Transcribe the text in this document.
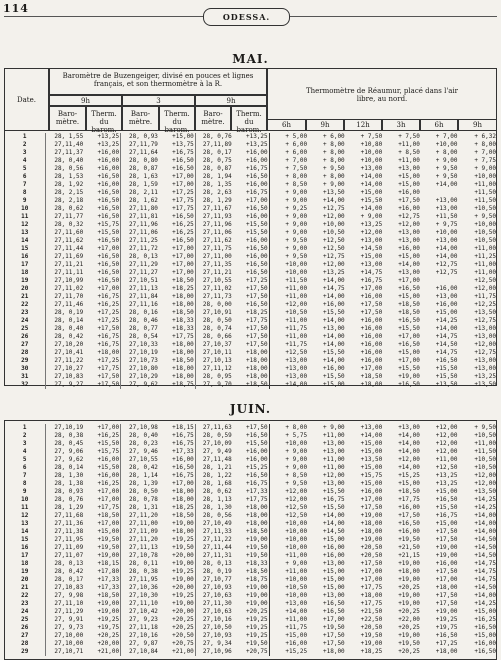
114
ODESSA.
MAI.
Date.
Baromètre de Buzengeiger, divisé en pouces et lignes français, et son thermomètre à la R.
Thermomètre de Réaumur, placé dans l'air libre, au nord.
9h	3	9h
Baro-mètre.
Therm. du barom.
Baro-mètre.
Therm. du barom.
Baro-mètre.
Therm. du barom.
6h	9h	12h	3h	6h	9h
1	28, 1,55	+13,25	28, 0,93	+15,00	28, 0,76	+13,25	+ 5,00	+ 6,00	+ 7,50	+ 7,50	+ 7,00	+ 6,32
2	27,11,40	+13,25	27,11,79	+13,75	27,11,89	+13,25	+ 6,00	+ 8,00	+10,80	+11,00	+10,00	+ 8,00
3	27,11,37	+16,00	27,11,64	+16,75	28, 0,17	+16,00	+ 6,00	+ 8,00	+10,00	+ 8,50	+ 8,00	+ 7,00
4	28, 0,40	+16,00	28, 0,80	+16,50	28, 0,75	+16,00	+ 7,00	+ 8,00	+10,00	+11,00	+ 9,00	+ 7,75
5	28, 0,56	+16,00	28, 0,87	+16,50	28, 0,87	+16,75	+ 7,50	+ 9,50	+13,00	+13,00	+ 9,50	+ 9,00
6	28, 1,53	+16,50	28, 1,63	+17,00	28, 1,94	+16,50	+ 8,00	+ 8,00	+14,00	+15,00	+ 9,50	+10,00
7	28, 1,92	+16,00	28, 1,59	+17,00	28, 1,35	+16,00	+ 8,50	+ 9,00	+14,00	+15,00	+14,00	+11,00
8	28, 2,15	+16,50	28, 2,11	+17,25	28, 2,63	+16,75	+ 9,00	+13,50	+15,00	+16,00		+11,50
9	28, 2,18	+16,50	28, 1,62	+17,75	28, 1,29	+17,00	+ 9,00	+14,00	+15,50	+17,50	+13,00	+11,50
10	28, 0,62	+16,50	27,11,80	+17,75	27,11,67	+16,50	+ 9,25	+12,75	+14,00	+16,00	+13,00	+10,50
11	27,11,77	+16,50	27,11,81	+16,50	27,11,93	+16,00	+ 9,00	+12,00	+ 9,00	+12,75	+11,50	+ 9,50
12	28, 0,32	+15,75	27,11,96	+16,25	27,11,96	+15,50	+ 9,00	+10,00	+13,25	+12,00	+ 9,75	+10,00
13	27,11,60	+15,50	27,11,06	+16,25	27,11,06	+15,50	+ 9,00	+10,50	+12,00	+13,00	+10,00	+10,50
14	27,11,62	+16,50	27,11,25	+16,50	27,11,62	+16,00	+ 9,50	+12,50	+13,00	+13,00	+13,00	+10,50
15	27,11,44	+17,00	27,11,72	+17,00	27,11,75	+16,50	+ 9,00	+12,50	+14,50	+16,00	+14,00	+11,00
16	27,11,69	+16,50	28, 0,13	+17,00	27,11,00	+16,00	+ 9,50	+12,75	+15,00	+15,00	+14,00	+11,25
17	27,11,21	+16,50	27,11,29	+17,00	27,11,35	+16,50	+10,00	+12,00	+13,00	+14,00	+12,75	+11,00
18	27,11,11	+16,50	27,11,27	+17,00	27,11,21	+16,50	+10,00	+13,25	+14,75	+13,00	+12,75	+11,00
19	27,10,99	+16,50	27,10,51	+18,50	27,10,55	+17,25	+11,50	+14,00	+16,75	+17,00		+12,50
20	27,11,02	+17,00	27,11,13	+18,25	27,11,02	+17,50	+11,00	+14,75	+17,00	+16,50	+16,00	+12,00
21	27,11,70	+16,75	27,11,84	+18,00	27,11,73	+17,50	+11,00	+14,00	+16,00	+15,00	+13,00	+11,75
22	27,11,46	+16,25	27,11,16	+18,00	28, 0,00	+16,50	+12,00	+16,00	+17,50	+18,50	+16,00	+12,25
23	28, 0,19	+17,25	28, 0,16	+18,50	27,10,91	+18,25	+10,50	+15,50	+17,50	+18,50	+15,00	+13,50
24	28, 0,14	+17,25	28, 0,46	+18,33	28, 0,50	+17,75	+11,00	+14,00	+16,00	+16,50	+14,25	+12,75
25	28, 0,40	+17,50	28, 0,77	+18,33	28, 0,74	+17,50	+11,75	+13,00	+16,00	+15,50	+14,00	+13,00
26	28, 0,42	+16,75	28, 0,54	+17,75	28, 0,66	+17,50	+11,00	+14,00	+16,00	+17,00	+14,75	+13,00
27	27,10,20	+16,75	27,10,33	+18,00	27,10,37	+17,50	+11,75	+14,00	+16,00	+16,50	+14,50	+12,00
28	27,10,41	+18,00	27,10,19	+18,00	27,10,11	+18,00	+12,50	+15,50	+16,00	+15,00	+14,75	+12,75
29	27,11,22	+17,25	27,10,73	+18,50	27,10,13	+18,00	+13,00	+14,00	+16,00	+17,00	+16,50	+13,00
30	27,10,27	+17,75	27,10,80	+18,00	27,11,12	+18,00	+13,00	+16,00	+17,00	+15,50	+15,50	+13,00
31	27,10,83	+17,50	27,10,29	+18,00	28, 0,95	+18,00	+13,00	+15,50	+18,50	+19,00	+15,50	+13,25
32	27, 9,27	+17,50	27, 9,62	+18,75	27, 9,70	+18,50	+14,00	+15,00	+18,00	+16,50	+13,50	+13,50
JUIN.
1	27,10,19	+17,00	27,10,98	+18,15	27,11,63	+17,50	+ 8,00	+ 9,00	+13,00	+13,00	+12,00	+ 9,50
2	28, 0,38	+16,25	28, 0,40	+16,75	28, 0,59	+16,50	+ 5,75	+11,00	+14,00	+14,00	+12,00	+10,50
3	28, 0,45	+15,50	28, 0,23	+16,75	27,10,09	+15,50	+10,00	+13,00	+15,00	+14,00	+12,00	+11,00
4	27, 9,06	+15,75	27, 9,46	+17,33	27, 9,49	+16,00	+ 9,00	+13,00	+15,00	+14,00	+12,00	+11,50
5	27, 9,62	+16,00	27,10,55	+16,00	27,11,48	+16,00	+ 9,00	+11,00	+13,50	+12,00	+11,00	+10,50
6	28, 0,14	+15,50	28, 0,42	+16,50	28, 1,21	+15,25	+ 9,00	+11,00	+15,00	+14,00	+12,50	+10,50
7	28, 1,30	+16,00	28, 1,14	+16,75	28, 1,22	+16,50	+ 8,50	+12,00	+15,75	+15,25	+13,25	+12,00
8	28, 1,38	+16,25	28, 1,39	+17,00	28, 1,68	+16,75	+ 9,50	+13,00	+15,00	+15,00	+13,25	+12,00
9	28, 0,93	+17,00	28, 0,50	+18,00	28, 0,62	+17,33	+12,00	+15,50	+16,00	+18,50	+15,00	+13,50
10	28, 0,76	+17,00	28, 0,78	+18,00	28, 1,13	+17,75	+12,00	+16,75	+17,00	+17,75	+16,50	+14,25
11	28, 1,29	+17,75	28, 1,31	+18,25	28, 1,30	+18,00	+12,50	+15,50	+17,50	+16,00	+15,50	+14,25
12	27,11,68	+18,50	27,11,20	+18,50	28, 0,56	+18,00	+12,50	+14,00	+19,00	+17,50	+16,75	+14,00
13	27,11,36	+17,00	27,11,00	+19,00	27,10,49	+18,00	+10,00	+14,00	+18,00	+16,50	+15,00	+14,00
14	27,11,38	+15,00	27,11,09	+18,00	27,11,33	+18,50	+10,00	+14,50	+18,00	+16,00	+17,50	+14,00
15	27,11,95	+19,50	27,11,20	+19,25	27,11,22	+19,00	+10,00	+15,00	+19,00	+19,50	+17,50	+14,50
16	27,11,09	+19,50	27,11,13	+19,50	27,11,44	+19,50	+10,00	+16,00	+20,50	+21,50	+19,00	+14,50
17	27,11,07	+19,00	27,10,78	+20,00	27,11,31	+19,50	+11,00	+16,00	+20,50	+21,15	+19,00	+14,50
18	28, 0,13	+18,15	28, 0,11	+19,00	28, 0,13	+18,33	+ 9,00	+13,00	+17,50	+19,00	+16,00	+14,75
19	28, 0,42	+17,80	28, 0,38	+19,25	28, 0,19	+18,50	+11,00	+15,00	+17,00	+18,00	+17,50	+14,75
20	28, 0,17	+17,33	27,11,95	+19,00	27,10,77	+18,75	+10,00	+15,00	+17,00	+19,00	+17,00	+14,75
21	27,10,83	+17,33	27,10,36	+20,00	27,10,93	+19,00	+10,50	+15,00	+17,75	+20,25	+18,00	+14,50
22	27, 9,98	+18,50	27,10,30	+19,25	27,10,63	+19,00	+10,00	+13,00	+18,00	+19,00	+17,50	+14,00
23	27,11,10	+19,00	27,11,10	+19,00	27,11,30	+19,00	+13,00	+16,50	+17,75	+19,00	+17,50	+14,25
24	27,11,29	+19,00	27,10,42	+20,00	27,10,63	+20,25	+14,00	+16,50	+21,50	+20,25	+19,00	+15,00
25	27, 9,91	+19,25	27, 9,23	+20,25	27,10,16	+19,25	+11,00	+17,00	+22,50	+22,00	+19,25	+16,25
26	27, 9,73	+19,75	27,11,18	+20,25	27,10,50	+19,25	+11,75	+19,50	+20,50	+20,25	+19,75	+16,50
27	27,10,00	+20,25	27,10,16	+20,50	27,10,93	+19,25	+15,00	+17,50	+19,50	+19,00	+16,50	+15,00
28	27,10,00	+20,00	27, 9,87	+20,75	27, 9,34	+19,50	+16,00	+17,50	+19,00	+19,50	+17,25	+16,00
29	27,10,71	+21,00	27,10,84	+21,00	27,10,96	+20,75	+15,25	+18,00	+18,25	+20,25	+18,00	+16,50
